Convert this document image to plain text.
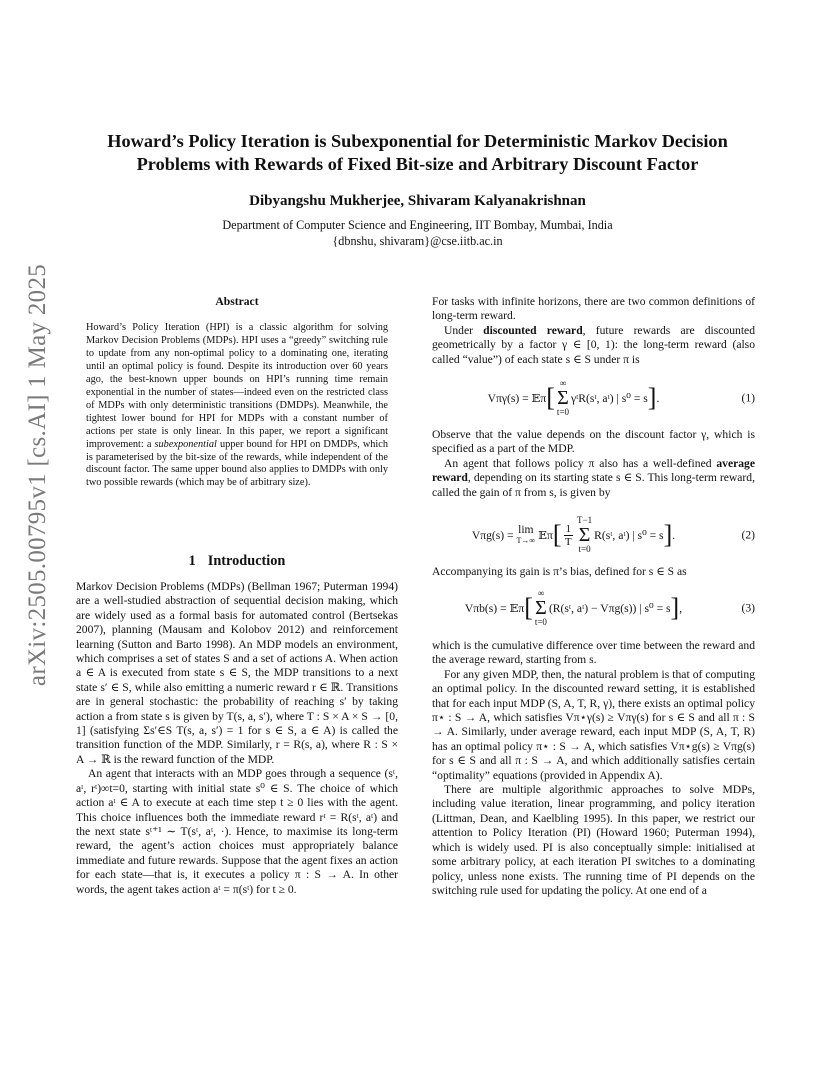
arXiv:2505.00795v1 [cs.AI] 1 May 2025
Howard’s Policy Iteration is Subexponential for Deterministic Markov Decision
Problems with Rewards of Fixed Bit-size and Arbitrary Discount Factor
Dibyangshu Mukherjee, Shivaram Kalyanakrishnan
Department of Computer Science and Engineering, IIT Bombay, Mumbai, India
{dbnshu, shivaram}@cse.iitb.ac.in
Abstract
Howard’s Policy Iteration (HPI) is a classic algorithm for solving Markov Decision Problems (MDPs). HPI uses a “greedy” switching rule to update from any non-optimal policy to a dominating one, iterating until an optimal policy is found. Despite its introduction over 60 years ago, the best-known upper bounds on HPI’s running time remain exponential in the number of states—indeed even on the restricted class of MDPs with only deterministic transitions (DMDPs). Meanwhile, the tightest lower bound for HPI for MDPs with a constant number of actions per state is only linear. In this paper, we report a significant improvement: a subexponential upper bound for HPI on DMDPs, which is parameterised by the bit-size of the rewards, while independent of the discount factor. The same upper bound also applies to DMDPs with only two possible rewards (which may be of arbitrary size).
1 Introduction

Markov Decision Problems (MDPs) (Bellman 1967; Puterman 1994) are a well-studied abstraction of sequential decision making, which are widely used as a formal basis for automated control (Bertsekas 2007), planning (Mausam and Kolobov 2012) and reinforcement learning (Sutton and Barto 1998). An MDP models an environment, which comprises a set of states S and a set of actions A. When action a ∈ A is executed from state s ∈ S, the MDP transitions to a next state s′ ∈ S, while also emitting a numeric reward r ∈ ℝ. Transitions are in general stochastic: the probability of reaching s′ by taking action a from state s is given by T(s, a, s′), where T : S × A × S → [0, 1] (satisfying Σs′∈S T(s, a, s′) = 1 for s ∈ S, a ∈ A) is called the transition function of the MDP. Similarly, r = R(s, a), where R : S × A → ℝ is the reward function of the MDP.

An agent that interacts with an MDP goes through a sequence (sᵗ, aᵗ, rᵗ)∞t=0, starting with initial state s⁰ ∈ S. The choice of which action aᵗ ∈ A to execute at each time step t ≥ 0 lies with the agent. This choice influences both the immediate reward rᵗ = R(sᵗ, aᵗ) and the next state sᵗ⁺¹ ∼ T(sᵗ, aᵗ, ·). Hence, to maximise its long-term reward, the agent’s action choices must appropriately balance immediate and future rewards. Suppose that the agent fixes an action for each state—that is, it executes a policy π : S → A. In other words, the agent takes action aᵗ = π(sᵗ) for t ≥ 0.

For tasks with infinite horizons, there are two common definitions of long-term reward.

Under discounted reward, future rewards are discounted geometrically by a factor γ ∈ [0, 1): the long-term reward (also called “value”) of each state s ∈ S under π is

Vπγ(s) = 𝔼π [ ∞
Σ
t=0
γᵗR(sᵗ, aᵗ) | s⁰ = s ] .	(1)

Observe that the value depends on the discount factor γ, which is specified as a part of the MDP.

An agent that follows policy π also has a well-defined average reward, depending on its starting state s ∈ S. This long-term reward, called the gain of π from s, is given by

Vπg(s) = lim
T→∞ 𝔼π [ $\frac{1}{T}$
T−1
Σ
t=0
R(sᵗ, aᵗ) | s⁰ = s ] .	(2)

Accompanying its gain is π’s bias, defined for s ∈ S as

Vπb(s) = 𝔼π [ ∞
Σ
t=0
(R(sᵗ, aᵗ) − Vπg(s)) | s⁰ = s ] ,	(3)

which is the cumulative difference over time between the reward and the average reward, starting from s.

For any given MDP, then, the natural problem is that of computing an optimal policy. In the discounted reward setting, it is established that for each input MDP (S, A, T, R, γ), there exists an optimal policy π⋆ : S → A, which satisfies Vπ⋆γ(s) ≥ Vπγ(s) for s ∈ S and all π : S → A. Similarly, under average reward, each input MDP (S, A, T, R) has an optimal policy π⋆ : S → A, which satisfies Vπ⋆g(s) ≥ Vπg(s) for s ∈ S and all π : S → A, and which additionally satisfies certain “optimality” equations (provided in Appendix A).

There are multiple algorithmic approaches to solve MDPs, including value iteration, linear programming, and policy iteration (Littman, Dean, and Kaelbling 1995). In this paper, we restrict our attention to Policy Iteration (PI) (Howard 1960; Puterman 1994), which is widely used. PI is also conceptually simple: initialised at some arbitrary policy, at each iteration PI switches to a dominating policy, unless none exists. The running time of PI depends on the switching rule used for updating the policy. At one end of a
